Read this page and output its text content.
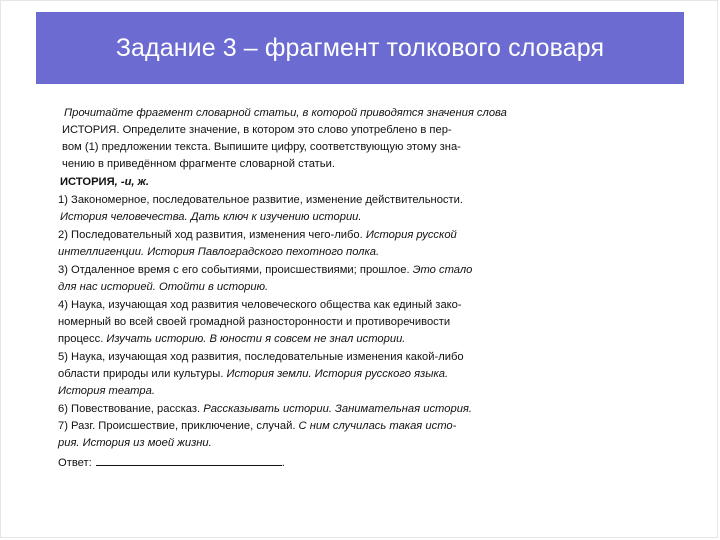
Задание 3 – фрагмент толкового словаря
Прочитайте фрагмент словарной статьи, в которой приводятся значения слова
ИСТОРИЯ. Определите значение, в котором это слово употреблено в пер-
вом (1) предложении текста. Выпишите цифру, соответствующую этому зна-
чению в приведённом фрагменте словарной статьи.
ИСТОРИЯ, -и, ж.
1) Закономерное, последовательное развитие, изменение действительности.
История человечества. Дать ключ к изучению истории.
2) Последовательный ход развития, изменения чего-либо. История русской
интеллигенции. История Павлоградского пехотного полка.
3) Отдаленное время с его событиями, происшествиями; прошлое. Это стало
для нас историей. Отойти в историю.
4) Наука, изучающая ход развития человеческого общества как единый зако-
номерный во всей своей громадной разносторонности и противоречивости
процесс. Изучать историю. В юности я совсем не знал истории.
5) Наука, изучающая ход развития, последовательные изменения какой-либо
области природы или культуры. История земли. История русского языка.
История театра.
6) Повествование, рассказ. Рассказывать истории. Занимательная история.
7) Разг. Происшествие, приключение, случай. С ним случилась такая исто-
рия. История из моей жизни.
Ответ:	.
